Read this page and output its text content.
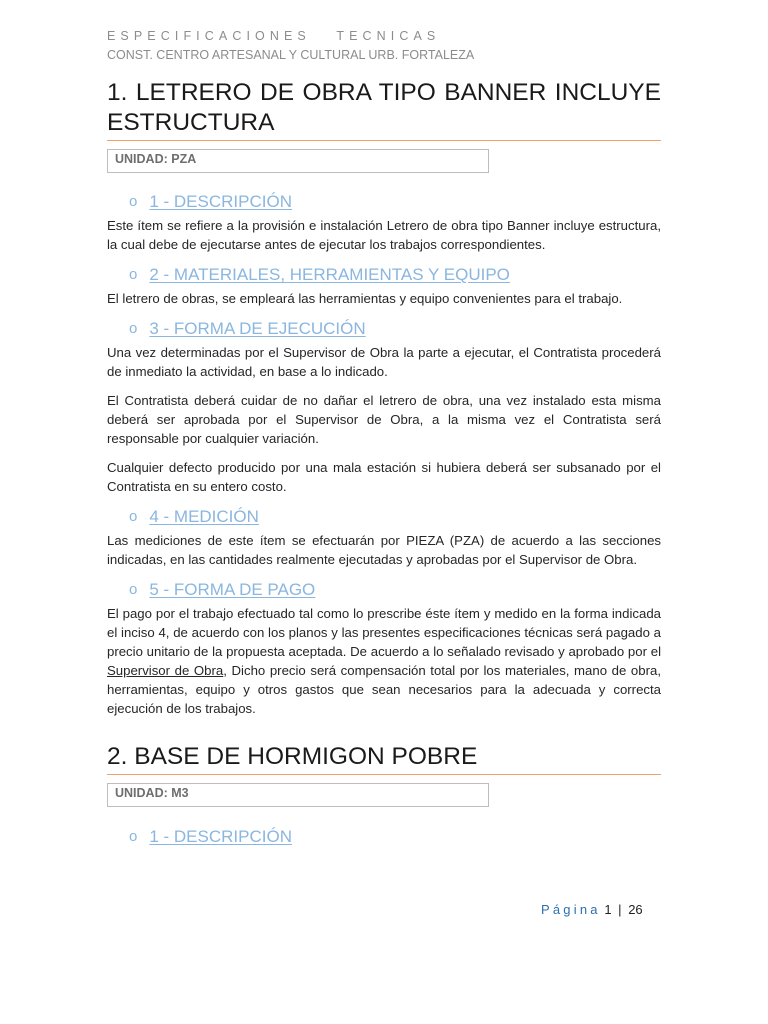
ESPECIFICACIONES   TECNICAS
CONST. CENTRO ARTESANAL Y CULTURAL URB. FORTALEZA
1. LETRERO DE OBRA TIPO BANNER INCLUYE ESTRUCTURA
UNIDAD: PZA
o 1 - DESCRIPCIÓN

Este ítem se refiere a la provisión e instalación Letrero de obra tipo Banner incluye estructura, la cual debe de ejecutarse antes de ejecutar los trabajos correspondientes.

o 2 - MATERIALES, HERRAMIENTAS Y EQUIPO

El letrero de obras, se empleará las herramientas y equipo convenientes para el trabajo.

o 3 - FORMA DE EJECUCIÓN

Una vez determinadas por el Supervisor de Obra la parte a ejecutar, el Contratista procederá de inmediato la actividad, en base a lo indicado.

El Contratista deberá cuidar de no dañar el letrero de obra, una vez instalado esta misma deberá ser aprobada por el Supervisor de Obra, a la misma vez el Contratista será responsable por cualquier variación.

Cualquier defecto producido por una mala estación si hubiera deberá ser subsanado por el Contratista en su entero costo.

o 4 - MEDICIÓN

Las mediciones de este ítem se efectuarán por PIEZA (PZA) de acuerdo a las secciones indicadas, en las cantidades realmente ejecutadas y aprobadas por el Supervisor de Obra.

o 5 - FORMA DE PAGO

El pago por el trabajo efectuado tal como lo prescribe éste ítem y medido en la forma indicada el inciso 4, de acuerdo con los planos y las presentes especificaciones técnicas será pagado a precio unitario de la propuesta aceptada. De acuerdo a lo señalado revisado y aprobado por el Supervisor de Obra, Dicho precio será compensación total por los materiales, mano de obra, herramientas, equipo y otros gastos que sean necesarios para la adecuada y correcta ejecución de los trabajos.

2. BASE DE HORMIGON POBRE
UNIDAD: M3
o 1 - DESCRIPCIÓN
Página 1 | 26
